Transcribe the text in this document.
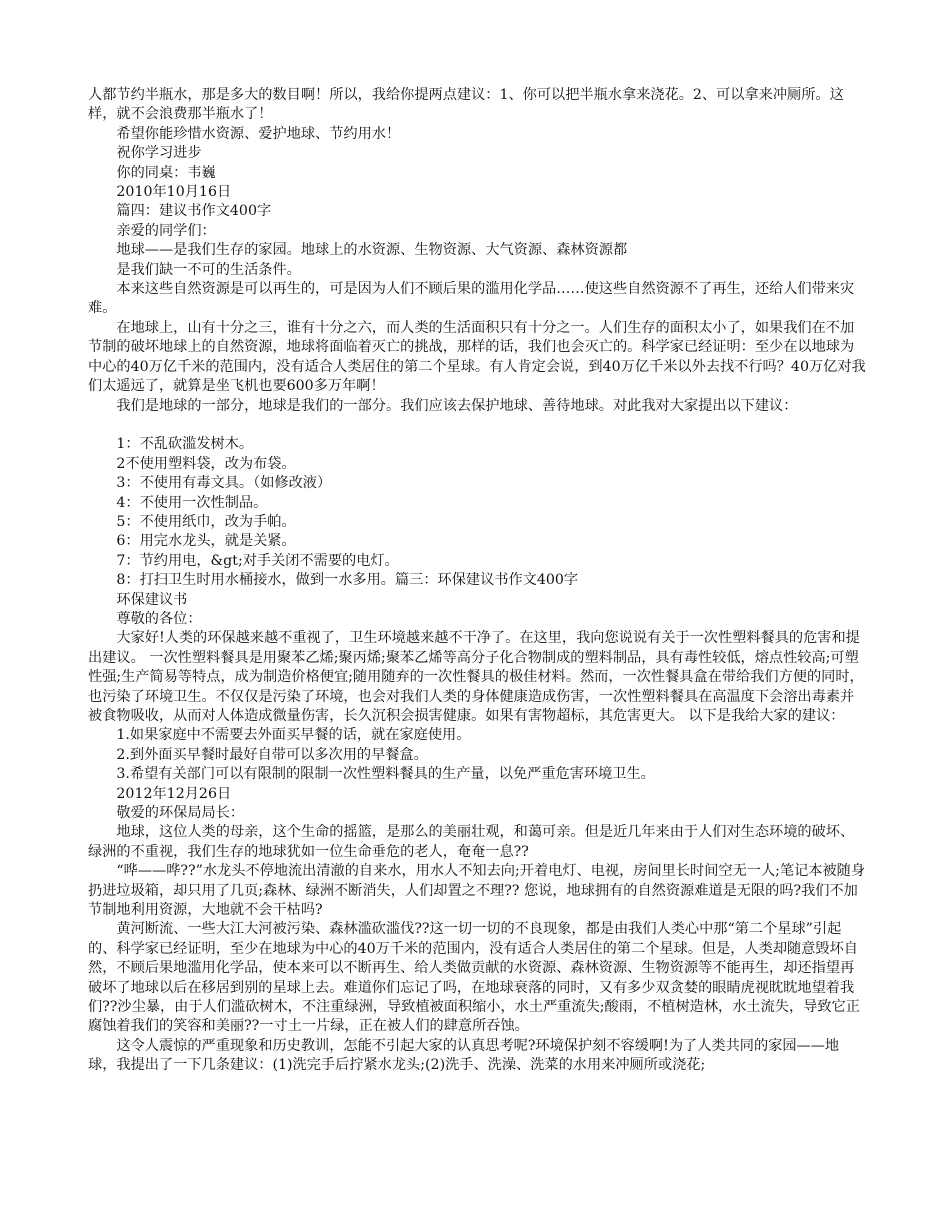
人都节约半瓶水，那是多大的数目啊！所以，我给你提两点建议：1、你可以把半瓶水拿来浇花。2、可以拿来冲厕所。这样，就不会浪费那半瓶水了！

希望你能珍惜水资源、爱护地球、节约用水！

祝你学习进步

你的同桌：韦巍

2010年10月16日

篇四：建议书作文400字

亲爱的同学们：

地球——是我们生存的家园。地球上的水资源、生物资源、大气资源、森林资源都

是我们缺一不可的生活条件。

本来这些自然资源是可以再生的，可是因为人们不顾后果的滥用化学品……使这些自然资源不了再生，还给人们带来灾难。

在地球上，山有十分之三，谁有十分之六，而人类的生活面积只有十分之一。人们生存的面积太小了，如果我们在不加节制的破坏地球上的自然资源，地球将面临着灭亡的挑战，那样的话，我们也会灭亡的。科学家已经证明：至少在以地球为中心的40万亿千米的范围内，没有适合人类居住的第二个星球。有人肯定会说，到40万亿千米以外去找不行吗？40万亿对我们太遥远了，就算是坐飞机也要600多万年啊！

我们是地球的一部分，地球是我们的一部分。我们应该去保护地球、善待地球。对此我对大家提出以下建议：

1：不乱砍滥发树木。

2不使用塑料袋，改为布袋。

3：不使用有毒文具。（如修改液）

4：不使用一次性制品。

5：不使用纸巾，改为手帕。

6：用完水龙头，就是关紧。

7：节约用电，&gt;对手关闭不需要的电灯。

8：打扫卫生时用水桶接水，做到一水多用。篇三：环保建议书作文400字

环保建议书

尊敬的各位：

大家好!人类的环保越来越不重视了，卫生环境越来越不干净了。在这里，我向您说说有关于一次性塑料餐具的危害和提出建议。 一次性塑料餐具是用聚苯乙烯;聚丙烯;聚苯乙烯等高分子化合物制成的塑料制品，具有毒性较低，熔点性较高;可塑性强;生产简易等特点，成为制造价格便宜;随用随弃的一次性餐具的极佳材料。然而，一次性餐具盒在带给我们方便的同时，也污染了环境卫生。不仅仅是污染了环境，也会对我们人类的身体健康造成伤害，一次性塑料餐具在高温度下会溶出毒素并被食物吸收，从而对人体造成微量伤害，长久沉积会损害健康。如果有害物超标，其危害更大。 以下是我给大家的建议：

1.如果家庭中不需要去外面买早餐的话，就在家庭使用。

2.到外面买早餐时最好自带可以多次用的早餐盒。

3.希望有关部门可以有限制的限制一次性塑料餐具的生产量，以免严重危害环境卫生。

2012年12月26日

敬爱的环保局局长：

地球，这位人类的母亲，这个生命的摇篮，是那么的美丽壮观，和蔼可亲。但是近几年来由于人们对生态环境的破坏、绿洲的不重视，我们生存的地球犹如一位生命垂危的老人，奄奄一息??

“哗——哗??”水龙头不停地流出清澈的自来水，用水人不知去向;开着电灯、电视，房间里长时间空无一人;笔记本被随身扔进垃圾箱，却只用了几页;森林、绿洲不断消失，人们却置之不理?? 您说，地球拥有的自然资源难道是无限的吗?我们不加节制地利用资源，大地就不会干枯吗?

黄河断流、一些大江大河被污染、森林滥砍滥伐??这一切一切的不良现象，都是由我们人类心中那“第二个星球”引起的、科学家已经证明，至少在地球为中心的40万千米的范围内，没有适合人类居住的第二个星球。但是，人类却随意毁坏自然，不顾后果地滥用化学品，使本来可以不断再生、给人类做贡献的水资源、森林资源、生物资源等不能再生，却还指望再破坏了地球以后在移居到别的星球上去。难道你们忘记了吗，在地球衰落的同时，又有多少双贪婪的眼睛虎视眈眈地望着我们??沙尘暴，由于人们滥砍树木，不注重绿洲，导致植被面积缩小，水土严重流失;酸雨，不植树造林，水土流失，导致它正腐蚀着我们的笑容和美丽??一寸土一片绿，正在被人们的肆意所吞蚀。

这令人震惊的严重现象和历史教训，怎能不引起大家的认真思考呢?环境保护刻不容缓啊!为了人类共同的家园——地球，我提出了一下几条建议：(1)洗完手后拧紧水龙头;(2)洗手、洗澡、洗菜的水用来冲厕所或浇花;
